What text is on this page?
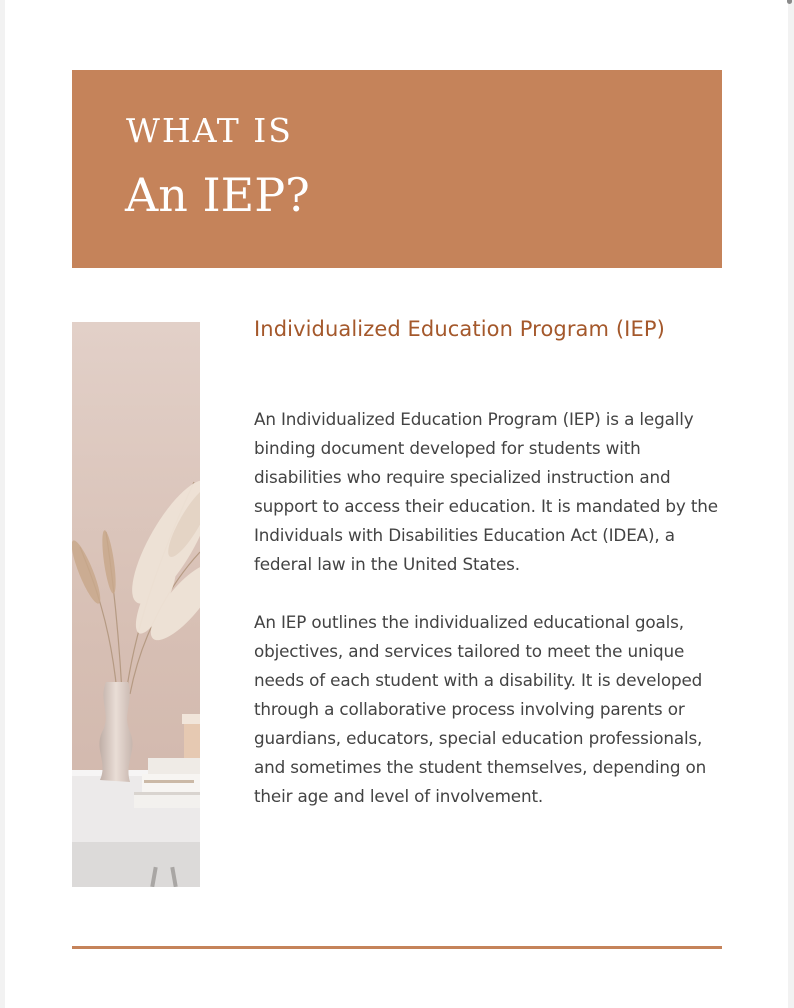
WHAT IS
An IEP?
Individualized Education Program (IEP)

An Individualized Education Program (IEP) is a legally binding document developed for students with disabilities who require specialized instruction and support to access their education. It is mandated by the Individuals with Disabilities Education Act (IDEA), a federal law in the United States.

An IEP outlines the individualized educational goals, objectives, and services tailored to meet the unique needs of each student with a disability. It is developed through a collaborative process involving parents or guardians, educators, special education professionals, and sometimes the student themselves, depending on their age and level of involvement.
